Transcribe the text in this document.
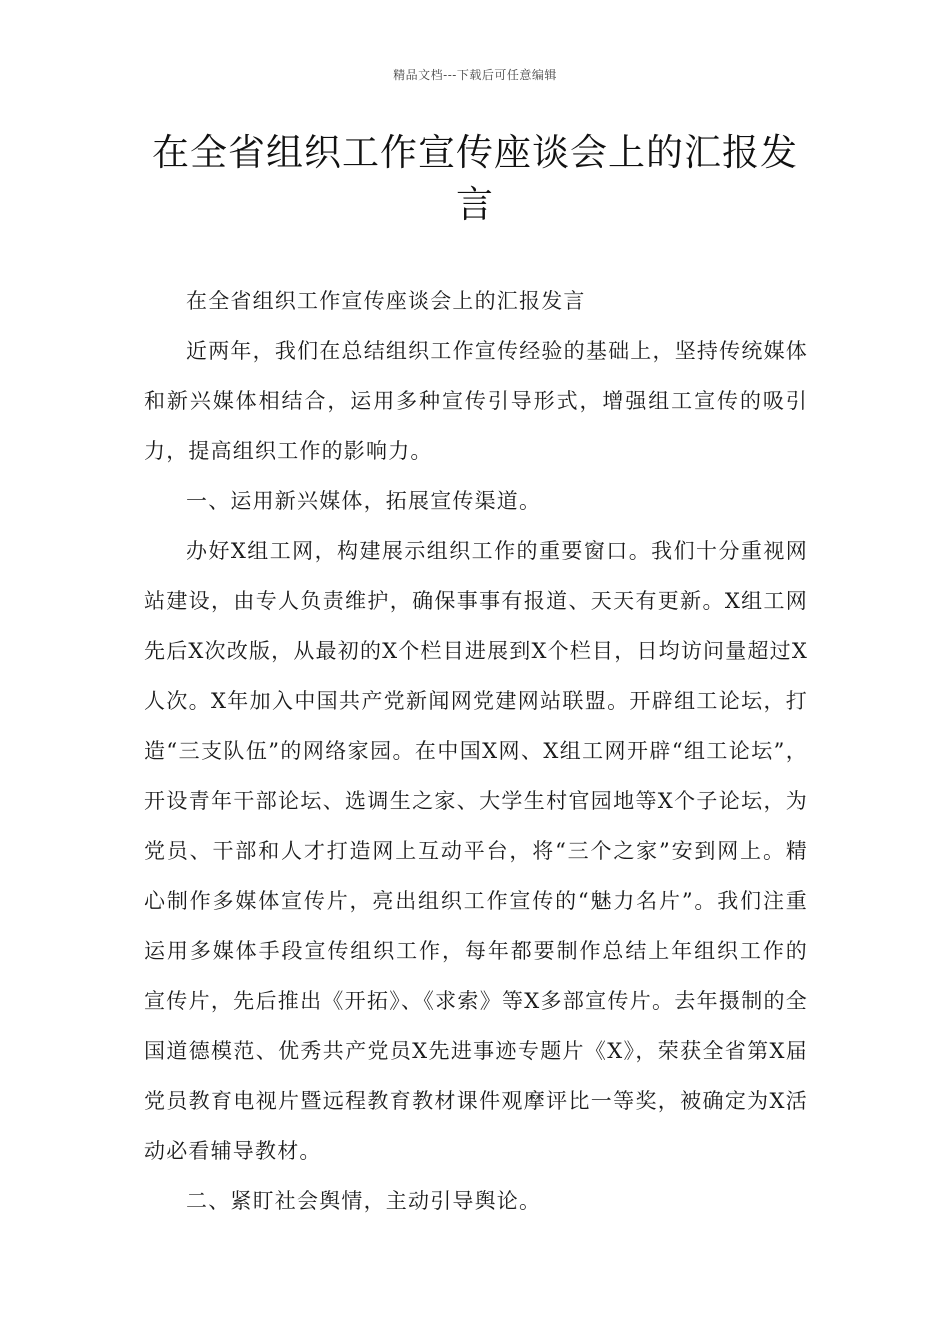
精品文档---下载后可任意编辑
在全省组织工作宣传座谈会上的汇报发言

在全省组织工作宣传座谈会上的汇报发言

近两年，我们在总结组织工作宣传经验的基础上，坚持传统媒体和新兴媒体相结合，运用多种宣传引导形式，增强组工宣传的吸引力，提高组织工作的影响力。

一、运用新兴媒体，拓展宣传渠道。

办好X组工网，构建展示组织工作的重要窗口。我们十分重视网站建设，由专人负责维护，确保事事有报道、天天有更新。X组工网先后X次改版，从最初的X个栏目进展到X个栏目，日均访问量超过X人次。X年加入中国共产党新闻网党建网站联盟。开辟组工论坛，打造“三支队伍”的网络家园。在中国X网、X组工网开辟“组工论坛”，开设青年干部论坛、选调生之家、大学生村官园地等X个子论坛，为党员、干部和人才打造网上互动平台，将“三个之家”安到网上。精心制作多媒体宣传片，亮出组织工作宣传的“魅力名片”。我们注重运用多媒体手段宣传组织工作，每年都要制作总结上年组织工作的宣传片，先后推出《开拓》、《求索》等X多部宣传片。去年摄制的全国道德模范、优秀共产党员X先进事迹专题片《X》，荣获全省第X届党员教育电视片暨远程教育教材课件观摩评比一等奖，被确定为X活动必看辅导教材。

二、紧盯社会舆情，主动引导舆论。
